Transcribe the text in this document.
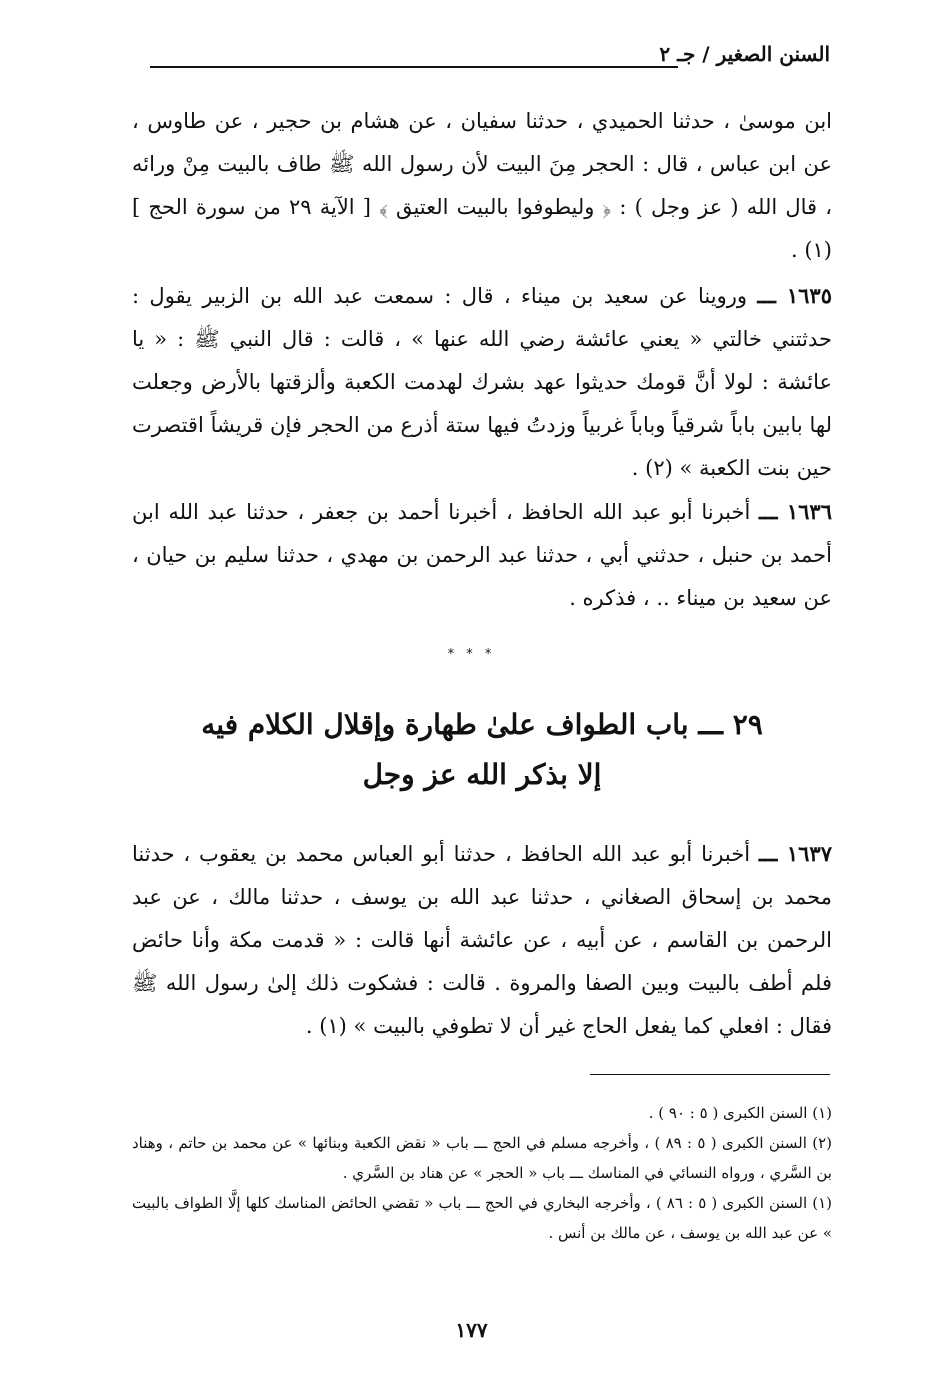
السنن الصغير / جـ ٢

ابن موسىٰ ، حدثنا الحميدي ، حدثنا سفيان ، عن هشام بن حجير ، عن طاوس ، عن ابن عباس ، قال : الحجر مِنَ البيت لأن رسول الله ﷺ طاف بالبيت مِنْ ورائه ، قال الله ( عز وجل ) : ﴿ وليطوفوا بالبيت العتيق ﴾ [ الآية ٢٩ من سورة الحج ] (١) .

١٦٣٥ ـــ وروينا عن سعيد بن ميناء ، قال : سمعت عبد الله بن الزبير يقول : حدثتني خالتي « يعني عائشة رضي الله عنها » ، قالت : قال النبي ﷺ : « يا عائشة : لولا أنَّ قومك حديثوا عهد بشرك لهدمت الكعبة وألزقتها بالأرض وجعلت لها بابين باباً شرقياً وباباً غربياً وزدتُ فيها ستة أذرع من الحجر فإن قريشاً اقتصرت حين بنت الكعبة » (٢) .

١٦٣٦ ـــ أخبرنا أبو عبد الله الحافظ ، أخبرنا أحمد بن جعفر ، حدثنا عبد الله ابن أحمد بن حنبل ، حدثني أبي ، حدثنا عبد الرحمن بن مهدي ، حدثنا سليم بن حيان ، عن سعيد بن ميناء .. ، فذكره .

* * *
٢٩ ـــ باب الطواف علىٰ طهارة وإقلال الكلام فيه
إلا بذكر الله عز وجل

١٦٣٧ ـــ أخبرنا أبو عبد الله الحافظ ، حدثنا أبو العباس محمد بن يعقوب ، حدثنا محمد بن إسحاق الصغاني ، حدثنا عبد الله بن يوسف ، حدثنا مالك ، عن عبد الرحمن بن القاسم ، عن أبيه ، عن عائشة أنها قالت : « قدمت مكة وأنا حائض فلم أطف بالبيت وبين الصفا والمروة . قالت : فشكوت ذلك إلىٰ رسول الله ﷺ فقال : افعلي كما يفعل الحاج غير أن لا تطوفي بالبيت » (١) .

(١) السنن الكبرى ( ٥ : ٩٠ ) .

(٢) السنن الكبرى ( ٥ : ٨٩ ) ، وأخرجه مسلم في الحج ـــ باب « نقض الكعبة وبنائها » عن محمد بن حاتم ، وهناد بن السَّري ، ورواه النسائي في المناسك ـــ باب « الحجر » عن هناد بن السَّري .

(١) السنن الكبرى ( ٥ : ٨٦ ) ، وأخرجه البخاري في الحج ـــ باب « تقضي الحائض المناسك كلها إلَّا الطواف بالبيت » عن عبد الله بن يوسف ، عن مالك بن أنس .

١٧٧
